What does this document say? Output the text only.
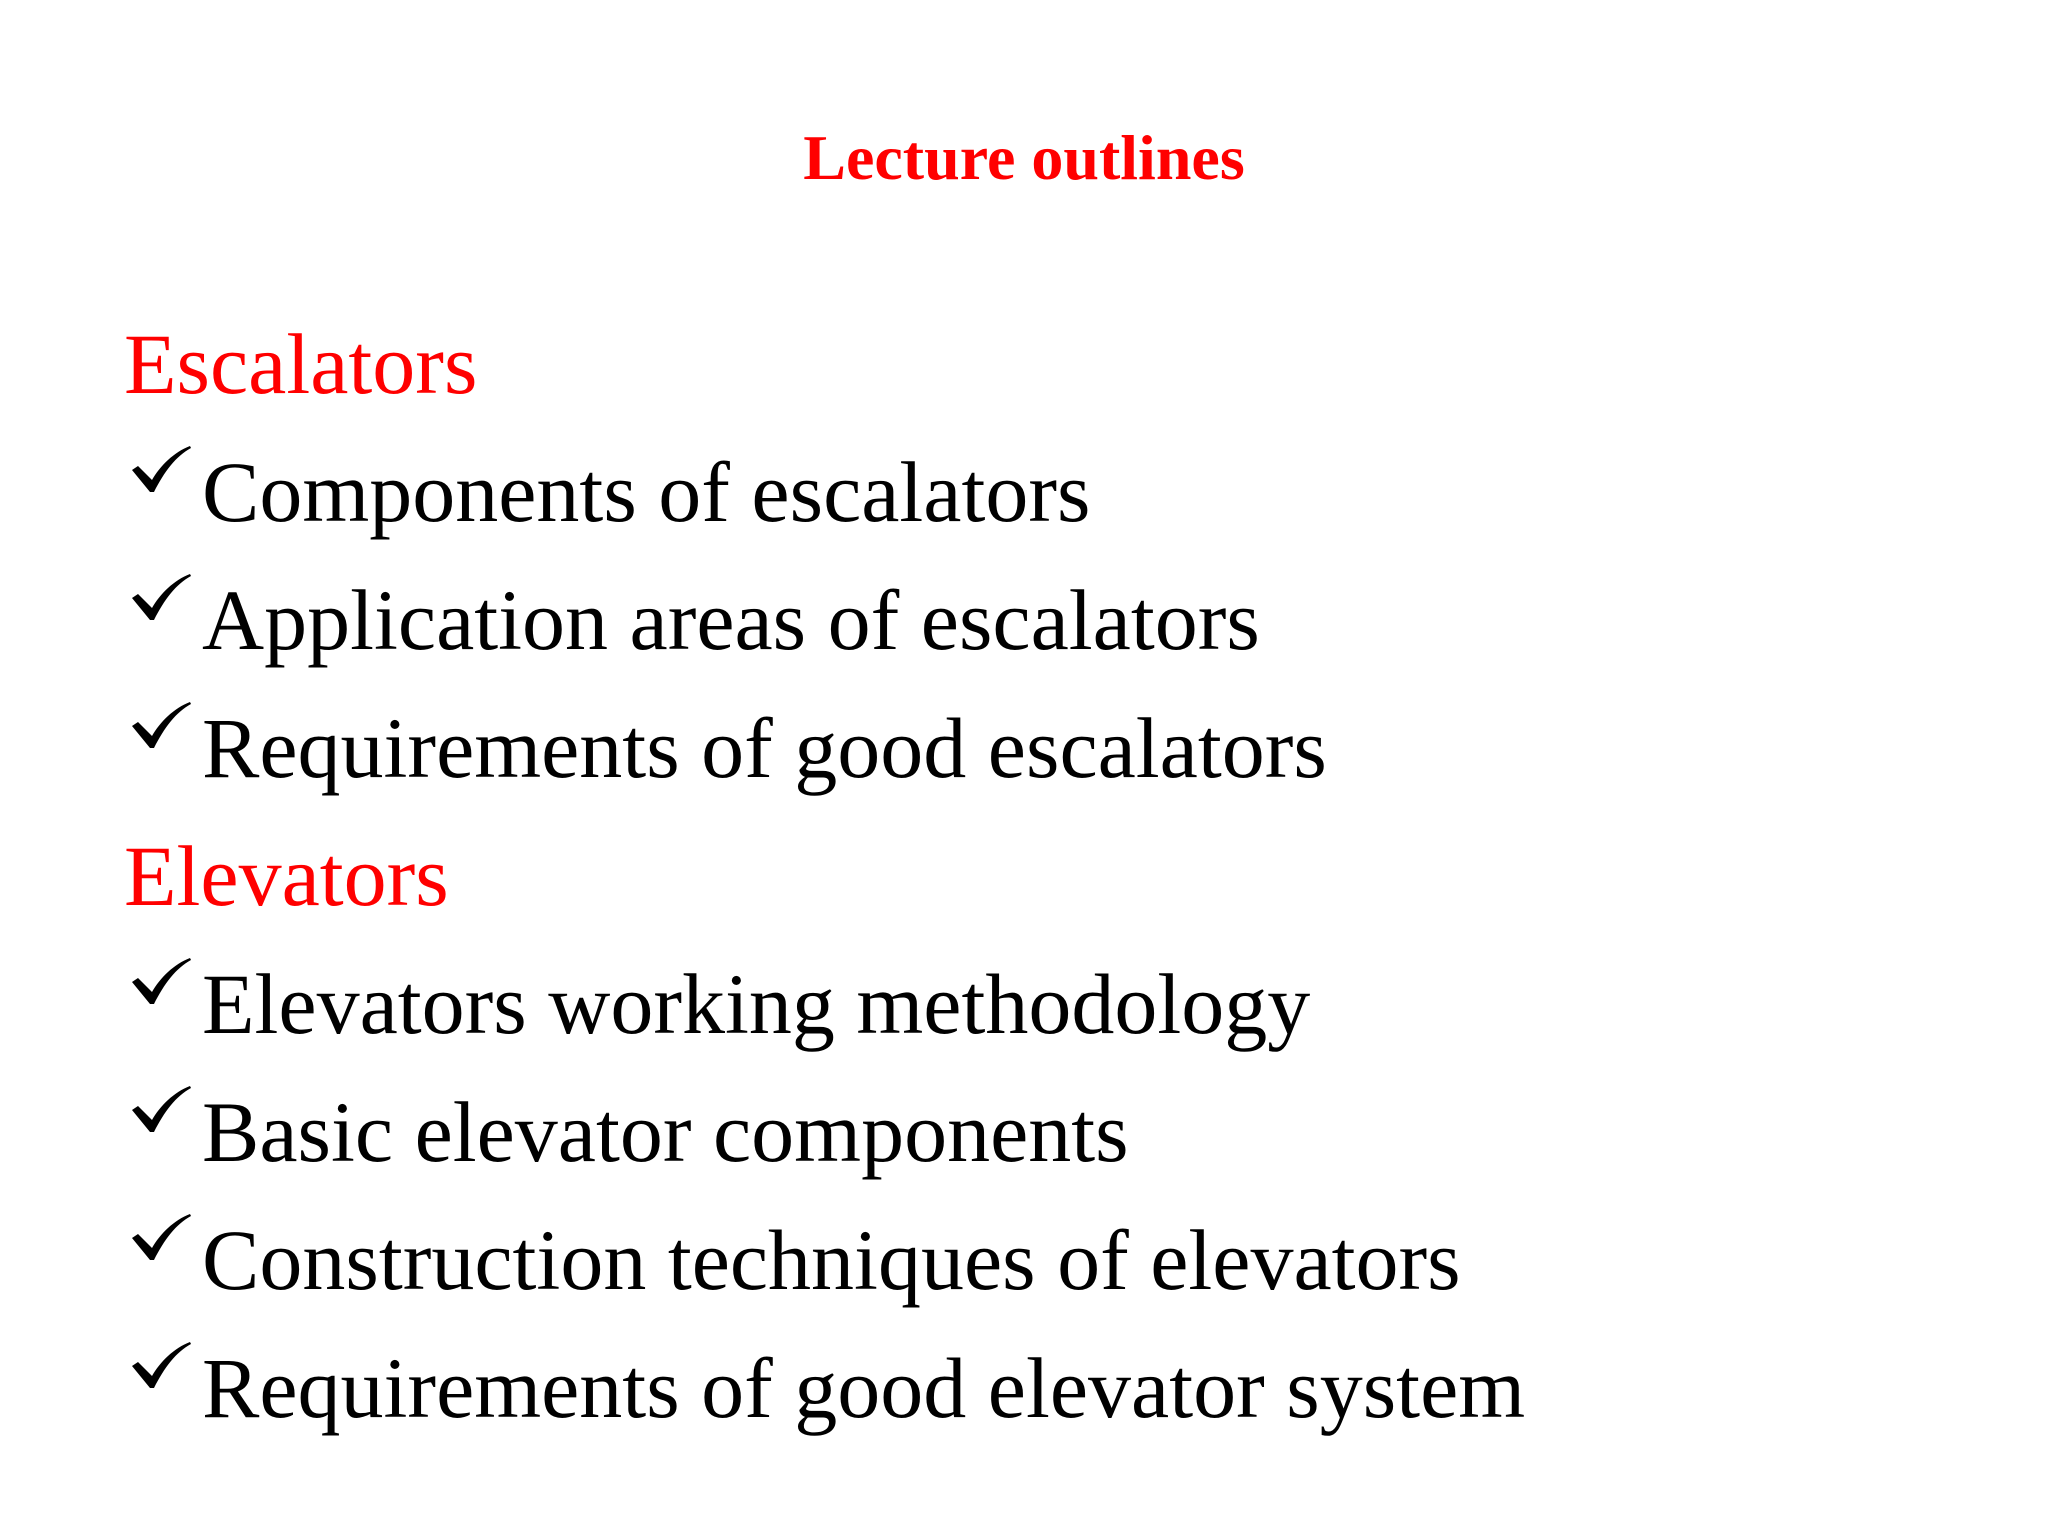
Lecture outlines
Escalators
Components of escalators
Application areas of escalators
Requirements of good escalators
Elevators
Elevators working methodology
Basic elevator components
Construction techniques of elevators
Requirements of good elevator system
